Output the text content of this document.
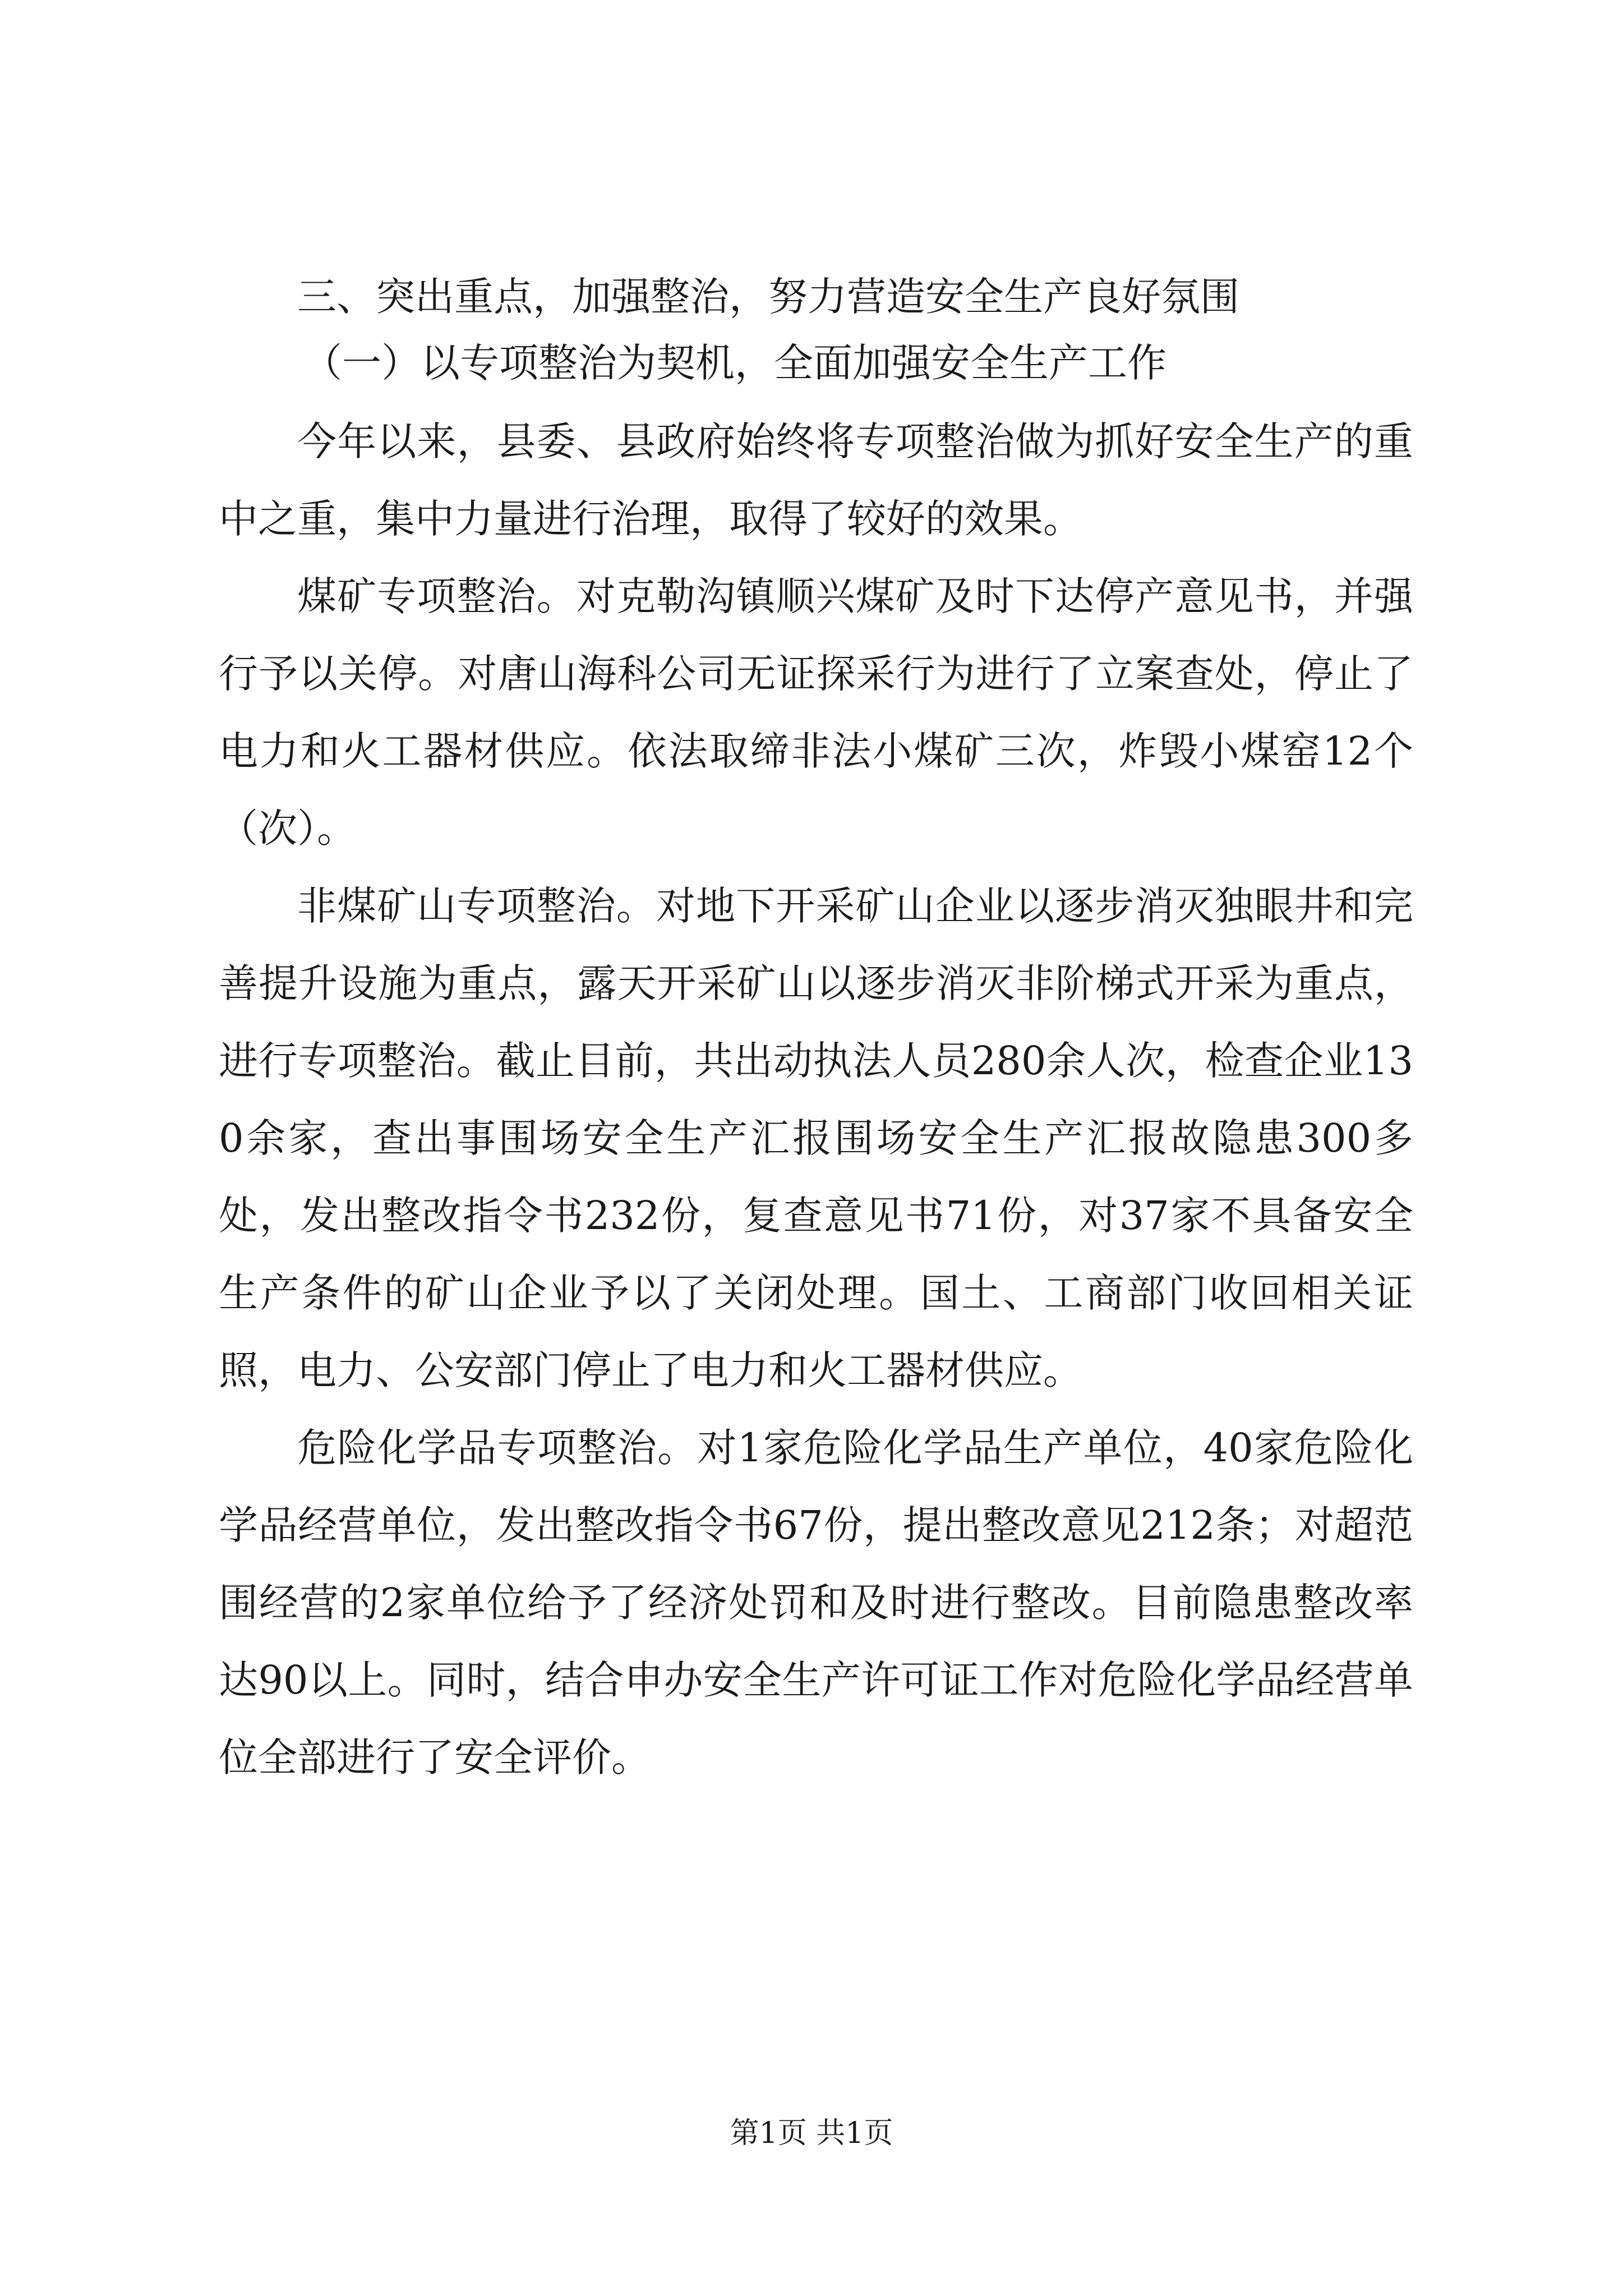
三、突出重点，加强整治，努力营造安全生产良好氛围
（一）以专项整治为契机，全面加强安全生产工作

今年以来，县委、县政府始终将专项整治做为抓好安全生产的重中之重，集中力量进行治理，取得了较好的效果。

煤矿专项整治。对克勒沟镇顺兴煤矿及时下达停产意见书，并强行予以关停。对唐山海科公司无证探采行为进行了立案查处，停止了电力和火工器材供应。依法取缔非法小煤矿三次，炸毁小煤窑12个（次）。

非煤矿山专项整治。对地下开采矿山企业以逐步消灭独眼井和完善提升设施为重点，露天开采矿山以逐步消灭非阶梯式开采为重点，进行专项整治。截止目前，共出动执法人员280余人次，检查企业130余家，查出事围场安全生产汇报围场安全生产汇报故隐患300多处，发出整改指令书232份，复查意见书71份，对37家不具备安全生产条件的矿山企业予以了关闭处理。国土、工商部门收回相关证照，电力、公安部门停止了电力和火工器材供应。

危险化学品专项整治。对1家危险化学品生产单位，40家危险化学品经营单位，发出整改指令书67份，提出整改意见212条；对超范围经营的2家单位给予了经济处罚和及时进行整改。目前隐患整改率达90以上。同时，结合申办安全生产许可证工作对危险化学品经营单位全部进行了安全评价。

第1页 共1页
